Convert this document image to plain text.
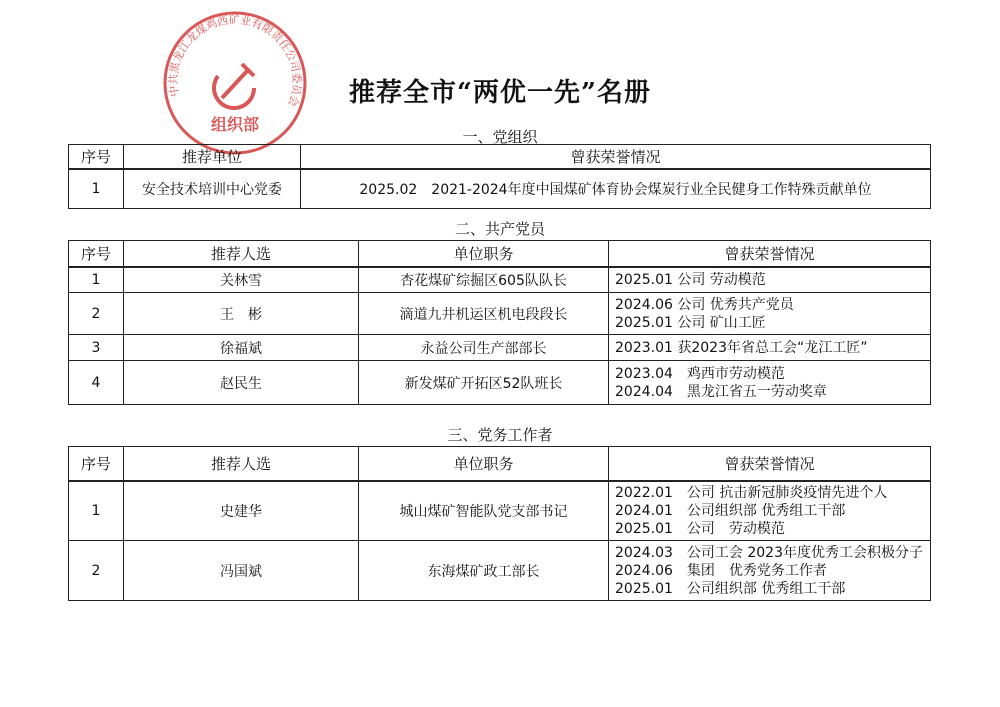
中共黑龙江龙煤鸡西矿业有限责任公司委员会
组织部
推荐全市“两优一先”名册
一、党组织
序号	推荐单位	曾获荣誉情况
1	安全技术培训中心党委	2025.02　2021-2024年度中国煤矿体育协会煤炭行业全民健身工作特殊贡献单位
二、共产党员
序号	推荐人选	单位职务	曾获荣誉情况
1	关林雪	杏花煤矿综掘区605队队长	2025.01 公司 劳动模范

2	王　彬	滴道九井机运区机电段段长	2024.06 公司 优秀共产党员
2025.01 公司 矿山工匠

3	徐福斌	永益公司生产部部长	2023.01 获2023年省总工会“龙江工匠”

4	赵民生	新发煤矿开拓区52队班长	2023.04　鸡西市劳动模范
2024.04　黑龙江省五一劳动奖章
三、党务工作者
序号	推荐人选	单位职务	曾获荣誉情况
1	史建华	城山煤矿智能队党支部书记	2022.01　公司 抗击新冠肺炎疫情先进个人
2024.01　公司组织部 优秀组工干部
2025.01　公司　劳动模范

2	冯国斌	东海煤矿政工部长	2024.03　公司工会 2023年度优秀工会积极分子
2024.06　集团　优秀党务工作者
2025.01　公司组织部 优秀组工干部
